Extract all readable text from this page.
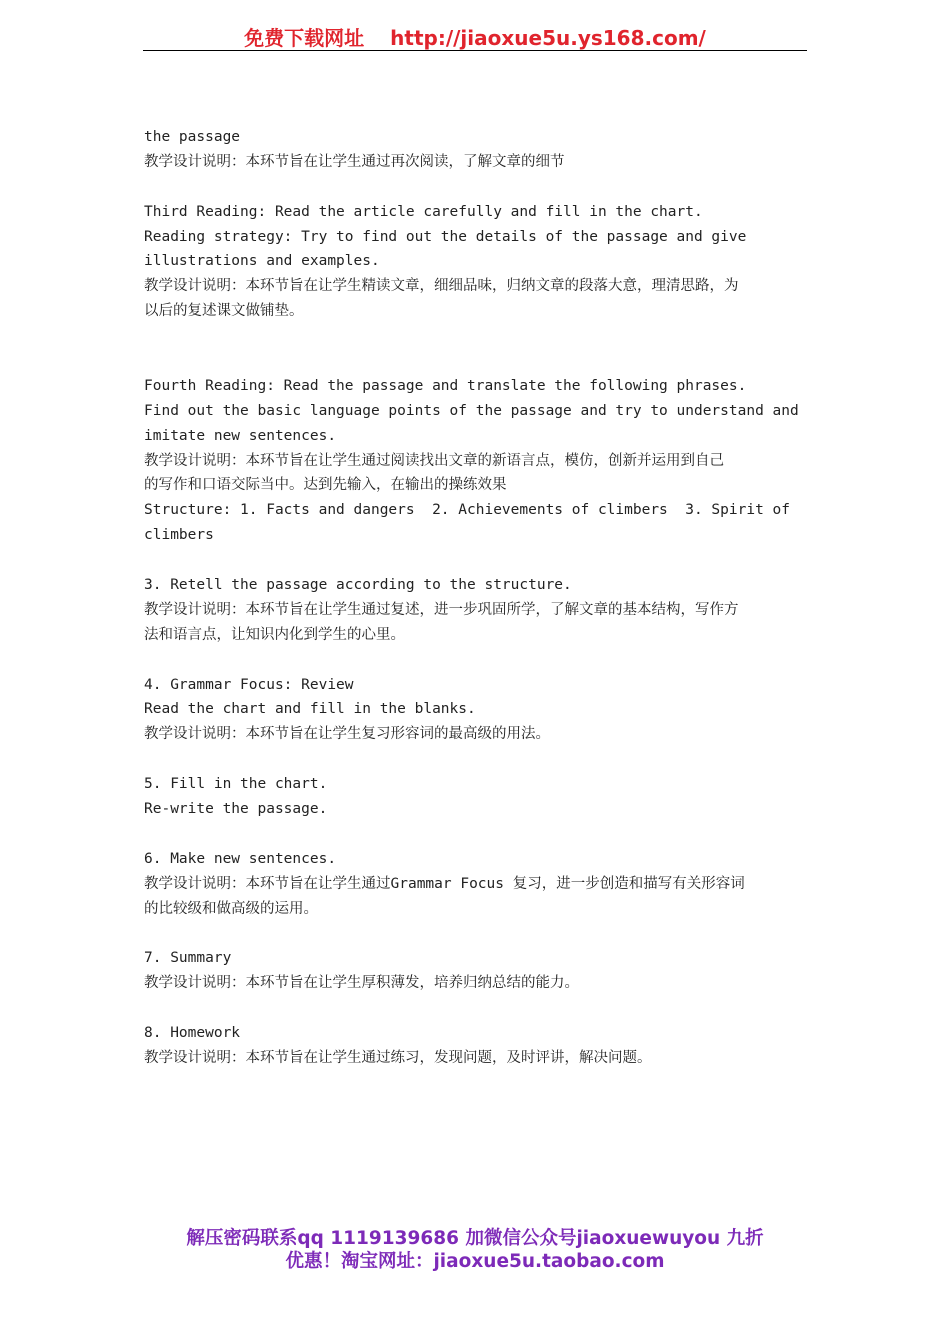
免费下载网址 http://jiaoxue5u.ys168.com/
the passage
教学设计说明：本环节旨在让学生通过再次阅读，了解文章的细节
Third Reading: Read the article carefully and fill in the chart.
Reading strategy: Try to find out the details of the passage and give
illustrations and examples.
教学设计说明：本环节旨在让学生精读文章，细细品味，归纳文章的段落大意，理清思路，为
以后的复述课文做铺垫。
Fourth Reading: Read the passage and translate the following phrases.
Find out the basic language points of the passage and try to understand and
imitate new sentences.
教学设计说明：本环节旨在让学生通过阅读找出文章的新语言点，模仿，创新并运用到自己
的写作和口语交际当中。达到先输入，在输出的操练效果
Structure: 1. Facts and dangers  2. Achievements of climbers  3. Spirit of
climbers
3. Retell the passage according to the structure.
教学设计说明：本环节旨在让学生通过复述，进一步巩固所学，了解文章的基本结构，写作方
法和语言点，让知识内化到学生的心里。
4. Grammar Focus: Review
Read the chart and fill in the blanks.
教学设计说明：本环节旨在让学生复习形容词的最高级的用法。
5. Fill in the chart.
Re-write the passage.
6. Make new sentences.
教学设计说明：本环节旨在让学生通过Grammar Focus 复习，进一步创造和描写有关形容词
的比较级和做高级的运用。
7. Summary
教学设计说明：本环节旨在让学生厚积薄发，培养归纳总结的能力。
8. Homework
教学设计说明：本环节旨在让学生通过练习，发现问题，及时评讲，解决问题。
解压密码联系qq 1119139686 加微信公众号jiaoxuewuyou 九折
优惠！淘宝网址：jiaoxue5u.taobao.com
